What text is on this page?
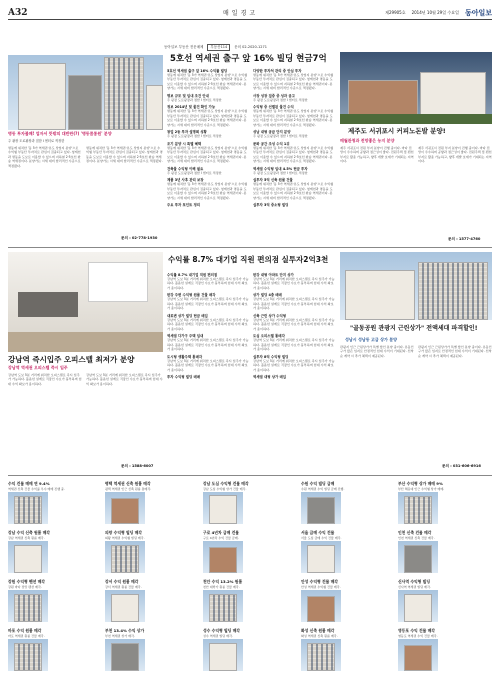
A32	매일경고	제29905호 2014년 10월 29일 수요일 동아일보
동아일보 부동산 전문매체	부동산114	문의 02-2020-1271
명동 투자불패! 업자서 뜻밖의 대반란(?) '명동콤롱원' 분양
주 광장 도로광장과 접함 I 센터로 적정한
명동에 위치한 '동 5가 역세권·유도 상업지 분양'으로 수익형 부동산 투자처로 관심이 집중되고 있다. 청계천과 명동을 도보로 이용할 수 있으며 지하철 2·5호선 환승 역세권이다. 분양가는 시세 대비 합리적인 수준으로 책정됐다.
명동에 위치한 '동 5가 역세권·유도 상업지 분양'으로 수익형 부동산 투자처로 관심이 집중되고 있다. 청계천과 명동을 도보로 이용할 수 있으며 지하철 2·5호선 환승 역세권이다. 분양가는 시세 대비 합리적인 수준으로 책정됐다.
문의 : 02-778-1930
5호선 역세권 출구 앞 16% 빌딩 현금7억
5호선 역세권 출구 앞 16% 수익률 빌딩
명동에 위치한 '동 5가 역세권·유도 상업지 분양'으로 수익형 부동산 투자처로 관심이 집중되고 있다. 청계천과 명동을 도보로 이용할 수 있으며 지하철 2·5호선 환승 역세권이다. 분양가는 시세 대비 합리적인 수준으로 책정됐다.
명보 규모 및 임대 조건 안내
주 광장 도로광장과 접함 I 센터로 적정한
정보 2014년 및 물건 확인 가능
명동에 위치한 '동 5가 역세권·유도 상업지 분양'으로 수익형 부동산 투자처로 관심이 집중되고 있다. 청계천과 명동을 도보로 이용할 수 있으며 지하철 2·5호선 환승 역세권이다. 분양가는 시세 대비 합리적인 수준으로 책정됐다.
창업 2동 투자 설명회 성황
주 광장 도로광장과 접함 I 센터로 적정한
조기 분양 시 특별 혜택
명동에 위치한 '동 5가 역세권·유도 상업지 분양'으로 수익형 부동산 투자처로 관심이 집중되고 있다. 청계천과 명동을 도보로 이용할 수 있으며 지하철 2·5호선 환승 역세권이다. 분양가는 시세 대비 합리적인 수준으로 책정됐다.
건축물 수익형 이해 필요
주 광장 도로광장과 접함 I 센터로 적정한
제품 3년 사후 관리 보장
명동에 위치한 '동 5가 역세권·유도 상업지 분양'으로 수익형 부동산 투자처로 관심이 집중되고 있다. 청계천과 명동을 도보로 이용할 수 있으며 지하철 2·5호선 환승 역세권이다. 분양가는 시세 대비 합리적인 수준으로 책정됐다.
주요 투자 포인트 정리
다양한 투자처 관리 중 안심 투자
명동에 위치한 '동 5가 역세권·유도 상업지 분양'으로 수익형 부동산 투자처로 관심이 집중되고 있다. 청계천과 명동을 도보로 이용할 수 있으며 지하철 2·5호선 환승 역세권이다. 분양가는 시세 대비 합리적인 수준으로 책정됐다.
사장 성장 집중 중 성과 공고
주 광장 도로광장과 접함 I 센터로 적정한
수익형 중 선별된 물건 수익
명동에 위치한 '동 5가 역세권·유도 상업지 분양'으로 수익형 부동산 투자처로 관심이 집중되고 있다. 청계천과 명동을 도보로 이용할 수 있으며 지하철 2·5호선 환승 역세권이다. 분양가는 시세 대비 합리적인 수준으로 책정됐다.
성남 대형 공급 단지 분양
주 광장 도로광장과 접함 I 센터로 적정한
문화 공간 조성 수익 1위
명동에 위치한 '동 5가 역세권·유도 상업지 분양'으로 수익형 부동산 투자처로 관심이 집중되고 있다. 청계천과 명동을 도보로 이용할 수 있으며 지하철 2·5호선 환승 역세권이다. 분양가는 시세 대비 합리적인 수준으로 책정됐다.
역세권 수익형 임대 4.5% 현금 투자
주 광장 도로광장과 접함 I 센터로 적정한
실투자 5억 신축 원룸 건물
명동에 위치한 '동 5가 역세권·유도 상업지 분양'으로 수익형 부동산 투자처로 관심이 집중되고 있다. 청계천과 명동을 도보로 이용할 수 있으며 지하철 2·5호선 환승 역세권이다. 분양가는 시세 대비 합리적인 수준으로 책정됐다.
실투자 3억 중소형 빌딩
제주도 서귀포시 커피노돈발 분양!
매월관청과 전망좋은 농지 분양
제주 서귀포시 전원 부지 분양이 진행 중이다. 바다 전망이 우수하며 공항과 접근성이 좋다. 전원주택 및 펜션 부지로 활용 가능하고, 향후 개발 호재가 기대되는 지역이다.
제주 서귀포시 전원 부지 분양이 진행 중이다. 바다 전망이 우수하며 공항과 접근성이 좋다. 전원주택 및 펜션 부지로 활용 가능하고, 향후 개발 호재가 기대되는 지역이다.
문의 : 1577-4760
강남역 즉시입주 오피스텔 최저가 분양
강남역 역세권 오피스텔 즉시 입주
강남역 도보 5분 거리에 위치한 오피스텔로 즉시 입주가 가능하다. 풀옵션 설계로 직장인 수요가 풍부하며 임대 수익 확보가 용이하다.
강남역 도보 5분 거리에 위치한 오피스텔로 즉시 입주가 가능하다. 풀옵션 설계로 직장인 수요가 풍부하며 임대 수익 확보가 용이하다.
문의 : 1588-6007
수익률 8.7% 대기업 직원 편의점 실투자2억3천
수익률 8.7% 대기업 직원 편의점
강남역 도보 5분 거리에 위치한 오피스텔로 즉시 입주가 가능하다. 풀옵션 설계로 직장인 수요가 풍부하며 임대 수익 확보가 용이하다.
한강 주변 수익형 원룸 건물 매각
강남역 도보 5분 거리에 위치한 오피스텔로 즉시 입주가 가능하다. 풀옵션 설계로 직장인 수요가 풍부하며 임대 수익 확보가 용이하다.
대로변 상가 빌딩 현금 매입
강남역 도보 5분 거리에 위치한 오피스텔로 즉시 입주가 가능하다. 풀옵션 설계로 직장인 수요가 풍부하며 임대 수익 확보가 용이하다.
역세권 다가구 주택 임대
강남역 도보 5분 거리에 위치한 오피스텔로 즉시 입주가 가능하다. 풀옵션 설계로 직장인 수요가 풍부하며 임대 수익 확보가 용이하다.
도시형 생활주택 통매각
강남역 도보 5분 거리에 위치한 오피스텔로 즉시 입주가 가능하다. 풀옵션 설계로 직장인 수요가 풍부하며 임대 수익 확보가 용이하다.
투자 수익형 빌딩 매매
한강 대형 아파트 단지 상가
강남역 도보 5분 거리에 위치한 오피스텔로 즉시 입주가 가능하다. 풀옵션 설계로 직장인 수요가 풍부하며 임대 수익 확보가 용이하다.
상가 빌딩 4층 매매
강남역 도보 5분 거리에 위치한 오피스텔로 즉시 입주가 가능하다. 풀옵션 설계로 직장인 수요가 풍부하며 임대 수익 확보가 용이하다.
신축 근린 상가 수익형
강남역 도보 5분 거리에 위치한 오피스텔로 즉시 입주가 가능하다. 풀옵션 설계로 직장인 수요가 풍부하며 임대 수익 확보가 용이하다.
도심 오피스텔 통매각
강남역 도보 5분 거리에 위치한 오피스텔로 즉시 입주가 가능하다. 풀옵션 설계로 직장인 수요가 풍부하며 임대 수익 확보가 용이하다.
실투자 8억 수익형 빌딩
강남역 도보 5분 거리에 위치한 오피스텔로 즉시 입주가 가능하다. 풀옵션 설계로 직장인 수요가 풍부하며 임대 수익 확보가 용이하다.
역세권 대형 상가 매입
"골동공원 관광지 근린상가" 전액세대 파격할인!
성남시 성남동 고급 상가 분양
관광지 인근 근린상가가 특별 할인 분양 중이다. 유동인구가 많은 입지로 안정적인 임대 수익이 기대된다. 선착순 계약 시 추가 혜택이 제공된다.
관광지 인근 근린상가가 특별 할인 분양 중이다. 유동인구가 많은 입지로 안정적인 임대 수익이 기대된다. 선착순 계약 시 추가 혜택이 제공된다.
문의 : 031-606-6916
수익 건물 매매 연 9.4%
역세권 신축 건물 수익률 우수 매매 진행 중.
평택 역세권 신축 원룸 매각
평택 역세권 인근 신축 원룸 통매각.
강남 도심 수익형 건물 매각
강남 도심 수익형 상가 건물 매각.
수원 수익 빌딩 급매
수원 역세권 수익 빌딩 급매 진행.
부산 수익형 상가 매매 9%
부산 해운대 인근 수익형 상가 매매.
강남 수익 신축 원룸 매각
강남 역세권 신축 원룸 매각.
의왕 수익형 빌딩 매각
의왕 역세권 수익형 빌딩 매각.
구로 4년차 급매 건물
구로 4년차 수익 건물 급매.
서울 급매 수익 건물
서울 도심 급매 수익 건물 매각.
인천 신축 건물 매각
인천 역세권 신축 건물 매각.
강원 수익형 펜션 매각
강원 바다 전망 펜션 매각.
강서 수익 원룸 매각
강서 역세권 원룸 건물 매각.
천안 수익 13.2% 원룸
천안 대학가 원룸 건물 매각.
안성 수익형 건물 매각
안성 역세권 수익형 건물 매각.
신사역 수익형 빌딩
신사역 역세권 빌딩 매각.
마포 수익 원룸 매각
마포 역세권 원룸 건물 매각.
부천 13.4% 수익 상가
부천 역세권 상가 매각.
성수 수익형 빌딩 매각
성수 역세권 빌딩 매각.
화성 신축 원룸 매각
화성 역세권 신축 원룸 매각.
영등포 수익 건물 매각
영등포 역세권 수익 건물 매각.
